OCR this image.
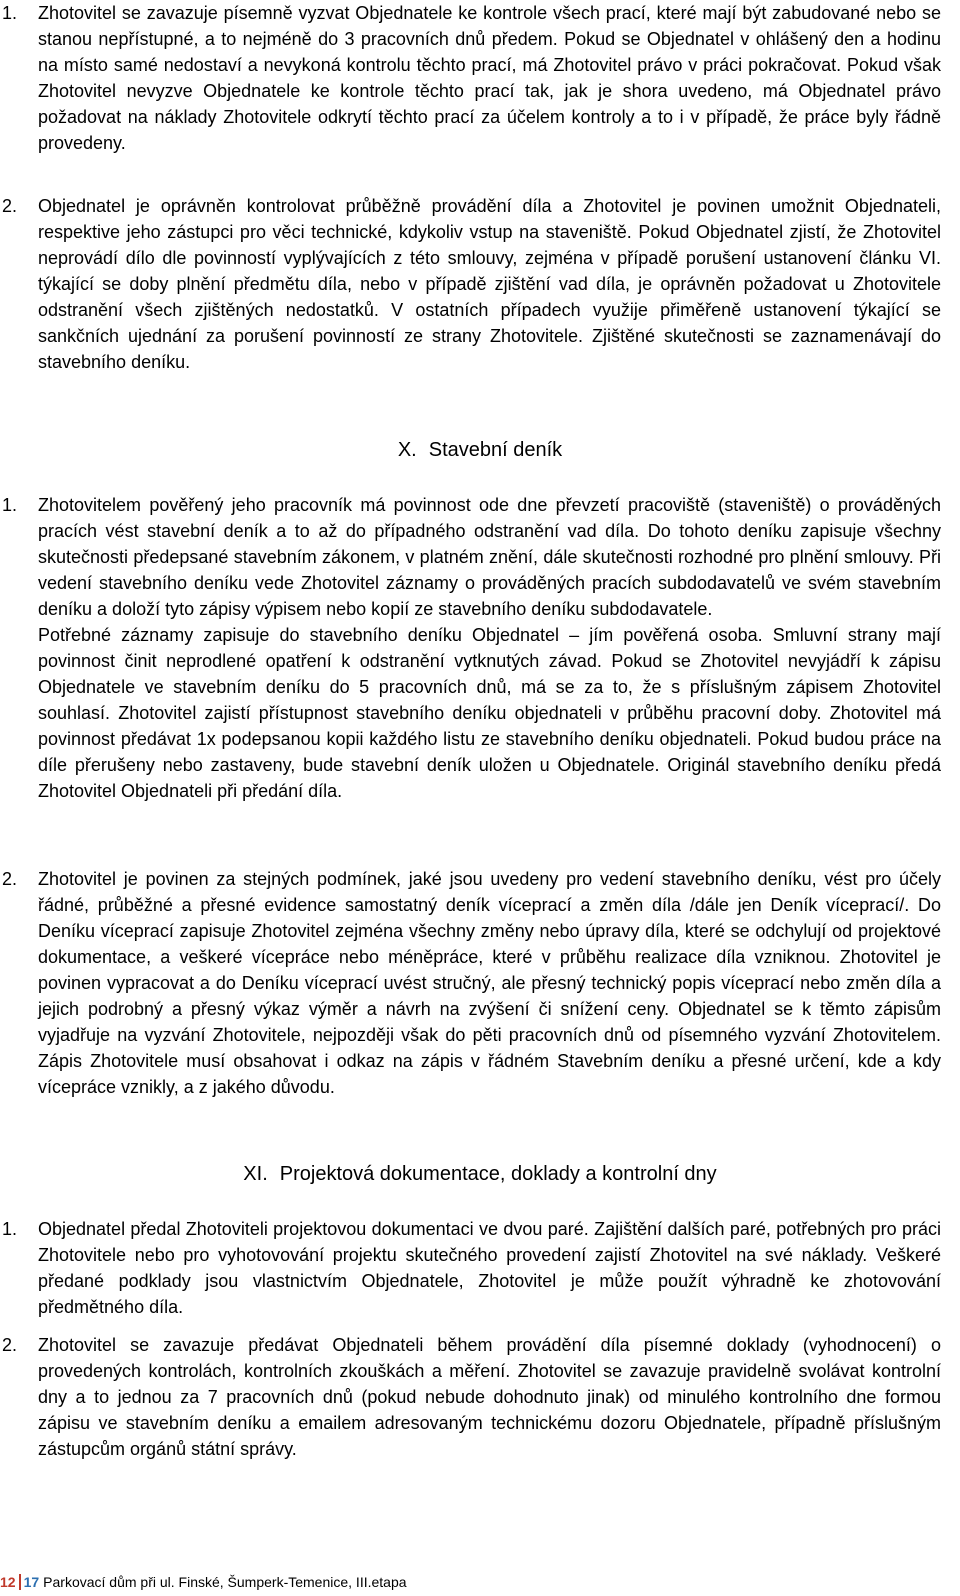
1.	Zhotovitel se zavazuje písemně vyzvat Objednatele ke kontrole všech prací, které mají být zabudované nebo se stanou nepřístupné, a to nejméně do 3 pracovních dnů předem. Pokud se Objednatel v ohlášený den a hodinu na místo samé nedostaví a nevykoná kontrolu těchto prací, má Zhotovitel právo v práci pokračovat. Pokud však Zhotovitel nevyzve Objednatele ke kontrole těchto prací tak, jak je shora uvedeno, má Objednatel právo požadovat na náklady Zhotovitele odkrytí těchto prací za účelem kontroly a to i v případě, že práce byly řádně provedeny.
2.	Objednatel je oprávněn kontrolovat průběžně provádění díla a Zhotovitel je povinen umožnit Objednateli, respektive jeho zástupci pro věci technické, kdykoliv vstup na staveniště. Pokud Objednatel zjistí, že Zhotovitel neprovádí dílo dle povinností vyplývajících z této smlouvy, zejména v případě porušení ustanovení článku VI. týkající se doby plnění předmětu díla, nebo v případě zjištění vad díla, je oprávněn požadovat u Zhotovitele odstranění všech zjištěných nedostatků. V ostatních případech využije přiměřeně ustanovení týkající se sankčních ujednání za porušení povinností ze strany Zhotovitele. Zjištěné skutečnosti se zaznamenávají do stavebního deníku.
X. Stavební deník
1.	Zhotovitelem pověřený jeho pracovník má povinnost ode dne převzetí pracoviště (staveniště) o prováděných pracích vést stavební deník a to až do případného odstranění vad díla. Do tohoto deníku zapisuje všechny skutečnosti předepsané stavebním zákonem, v platném znění, dále skutečnosti rozhodné pro plnění smlouvy. Při vedení stavebního deníku vede Zhotovitel záznamy o prováděných pracích subdodavatelů ve svém stavebním deníku a doloží tyto zápisy výpisem nebo kopií ze stavebního deníku subdodavatele.

Potřebné záznamy zapisuje do stavebního deníku Objednatel – jím pověřená osoba. Smluvní strany mají povinnost činit neprodlené opatření k odstranění vytknutých závad. Pokud se Zhotovitel nevyjádří k zápisu Objednatele ve stavebním deníku do 5 pracovních dnů, má se za to, že s příslušným zápisem Zhotovitel souhlasí. Zhotovitel zajistí přístupnost stavebního deníku objednateli v průběhu pracovní doby. Zhotovitel má povinnost předávat 1x podepsanou kopii každého listu ze stavebního deníku objednateli. Pokud budou práce na díle přerušeny nebo zastaveny, bude stavební deník uložen u Objednatele. Originál stavebního deníku předá Zhotovitel Objednateli při předání díla.

2.	Zhotovitel je povinen za stejných podmínek, jaké jsou uvedeny pro vedení stavebního deníku, vést pro účely řádné, průběžné a přesné evidence samostatný deník víceprací a změn díla /dále jen Deník víceprací/. Do Deníku víceprací zapisuje Zhotovitel zejména všechny změny nebo úpravy díla, které se odchylují od projektové dokumentace, a veškeré vícepráce nebo méněpráce, které v průběhu realizace díla vzniknou. Zhotovitel je povinen vypracovat a do Deníku víceprací uvést stručný, ale přesný technický popis víceprací nebo změn díla a jejich podrobný a přesný výkaz výměr a návrh na zvýšení či snížení ceny. Objednatel se k těmto zápisům vyjadřuje na vyzvání Zhotovitele, nejpozději však do pěti pracovních dnů od písemného vyzvání Zhotovitelem. Zápis Zhotovitele musí obsahovat i odkaz na zápis v řádném Stavebním deníku a přesné určení, kde a kdy vícepráce vznikly, a z jakého důvodu.

XI. Projektová dokumentace, doklady a kontrolní dny
1.	Objednatel předal Zhotoviteli projektovou dokumentaci ve dvou paré. Zajištění dalších paré, potřebných pro práci Zhotovitele nebo pro vyhotovování projektu skutečného provedení zajistí Zhotovitel na své náklady. Veškeré předané podklady jsou vlastnictvím Objednatele, Zhotovitel je může použít výhradně ke zhotovování předmětného díla.
2.	Zhotovitel se zavazuje předávat Objednateli během provádění díla písemné doklady (vyhodnocení) o provedených kontrolách, kontrolních zkouškách a měření. Zhotovitel se zavazuje pravidelně svolávat kontrolní dny a to jednou za 7 pracovních dnů (pokud nebude dohodnuto jinak) od minulého kontrolního dne formou zápisu ve stavebním deníku a emailem adresovaným technickému dozoru Objednatele, případně příslušným zástupcům orgánů státní správy.
12 17 Parkovací dům při ul. Finské, Šumperk-Temenice, III.etapa
